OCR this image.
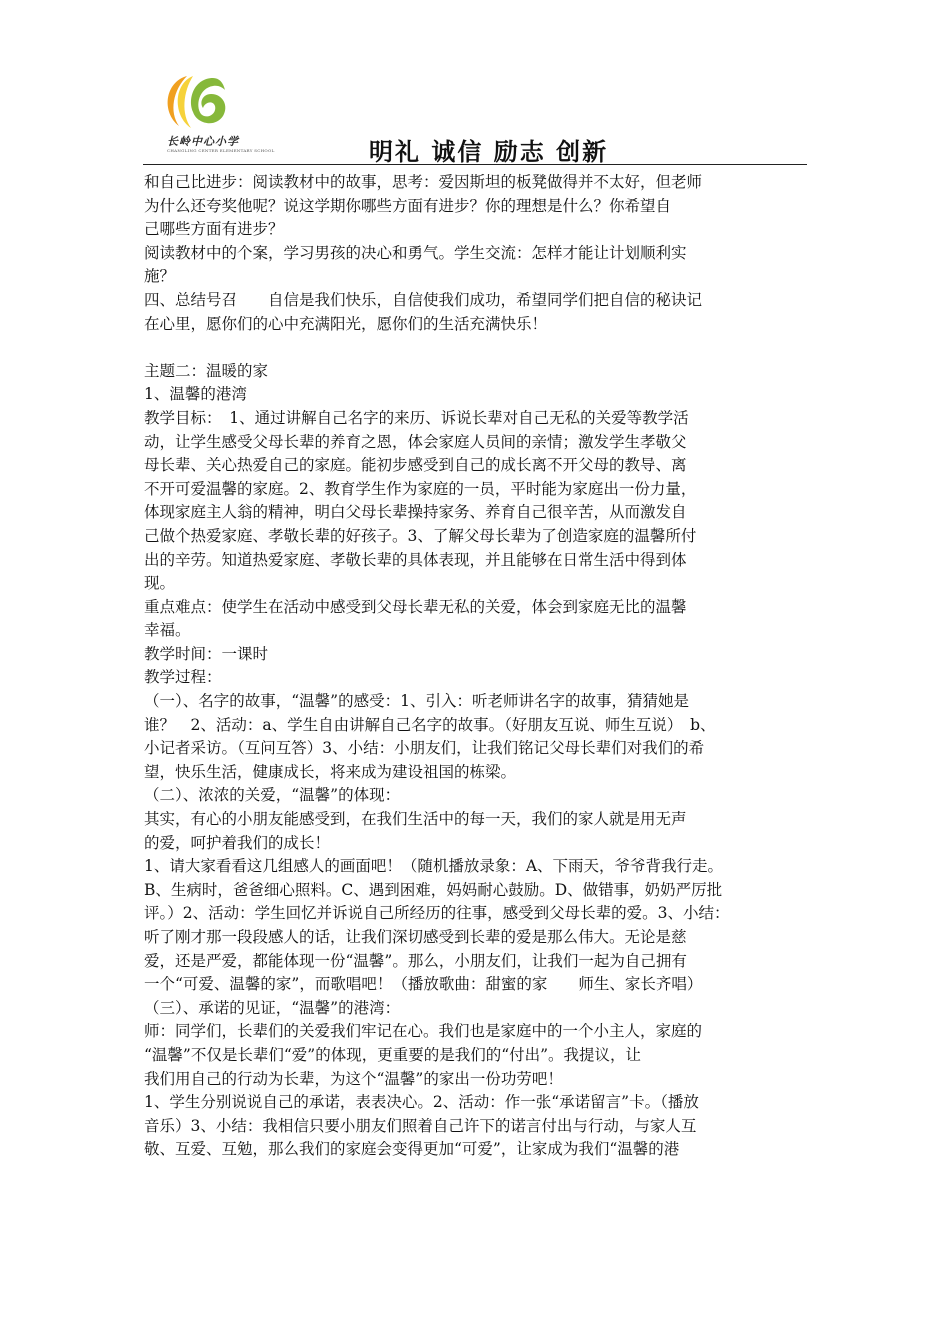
长岭中心小学
CHANGLING CENTER ELEMENTARY SCHOOL	明礼 诚信 励志 创新
和自己比进步：阅读教材中的故事，思考：爱因斯坦的板凳做得并不太好，但老师
为什么还夸奖他呢？说这学期你哪些方面有进步？你的理想是什么？你希望自
己哪些方面有进步？
阅读教材中的个案，学习男孩的决心和勇气。学生交流：怎样才能让计划顺利实
施？
四、总结号召　　自信是我们快乐，自信使我们成功，希望同学们把自信的秘诀记
在心里，愿你们的心中充满阳光，愿你们的生活充满快乐！
主题二：温暖的家
1、温馨的港湾
教学目标：　1、通过讲解自己名字的来历、诉说长辈对自己无私的关爱等教学活
动，让学生感受父母长辈的养育之恩，体会家庭人员间的亲情；激发学生孝敬父
母长辈、关心热爱自己的家庭。能初步感受到自己的成长离不开父母的教导、离
不开可爱温馨的家庭。2、教育学生作为家庭的一员，平时能为家庭出一份力量，
体现家庭主人翁的精神，明白父母长辈操持家务、养育自己很辛苦，从而激发自
己做个热爱家庭、孝敬长辈的好孩子。3、了解父母长辈为了创造家庭的温馨所付
出的辛劳。知道热爱家庭、孝敬长辈的具体表现，并且能够在日常生活中得到体
现。
重点难点：使学生在活动中感受到父母长辈无私的关爱，体会到家庭无比的温馨
幸福。
教学时间：一课时
教学过程：
（一）、名字的故事，“温馨”的感受：1、引入：听老师讲名字的故事，猜猜她是
谁？　2、活动：a、学生自由讲解自己名字的故事。（好朋友互说、师生互说）　b、
小记者采访。（互问互答）3、小结：小朋友们，让我们铭记父母长辈们对我们的希
望，快乐生活，健康成长，将来成为建设祖国的栋梁。
（二）、浓浓的关爱，“温馨”的体现：
其实，有心的小朋友能感受到，在我们生活中的每一天，我们的家人就是用无声
的爱，呵护着我们的成长！
1、请大家看看这几组感人的画面吧！（随机播放录象：A、下雨天，爷爷背我行走。
B、生病时，爸爸细心照料。C、遇到困难，妈妈耐心鼓励。D、做错事，奶奶严厉批
评。）2、活动：学生回忆并诉说自己所经历的往事，感受到父母长辈的爱。3、小结：
听了刚才那一段段感人的话，让我们深切感受到长辈的爱是那么伟大。无论是慈
爱，还是严爱，都能体现一份“温馨”。那么，小朋友们，让我们一起为自己拥有
一个“可爱、温馨的家”，而歌唱吧！（播放歌曲：甜蜜的家　　师生、家长齐唱）
（三）、承诺的见证，“温馨”的港湾：
师：同学们，长辈们的关爱我们牢记在心。我们也是家庭中的一个小主人，家庭的
“温馨”不仅是长辈们“爱”的体现，更重要的是我们的“付出”。我提议，让
我们用自己的行动为长辈，为这个“温馨”的家出一份功劳吧！
1、学生分别说说自己的承诺，表表决心。2、活动：作一张“承诺留言”卡。（播放
音乐）3、小结：我相信只要小朋友们照着自己许下的诺言付出与行动，与家人互
敬、互爱、互勉，那么我们的家庭会变得更加“可爱”，让家成为我们“温馨的港
